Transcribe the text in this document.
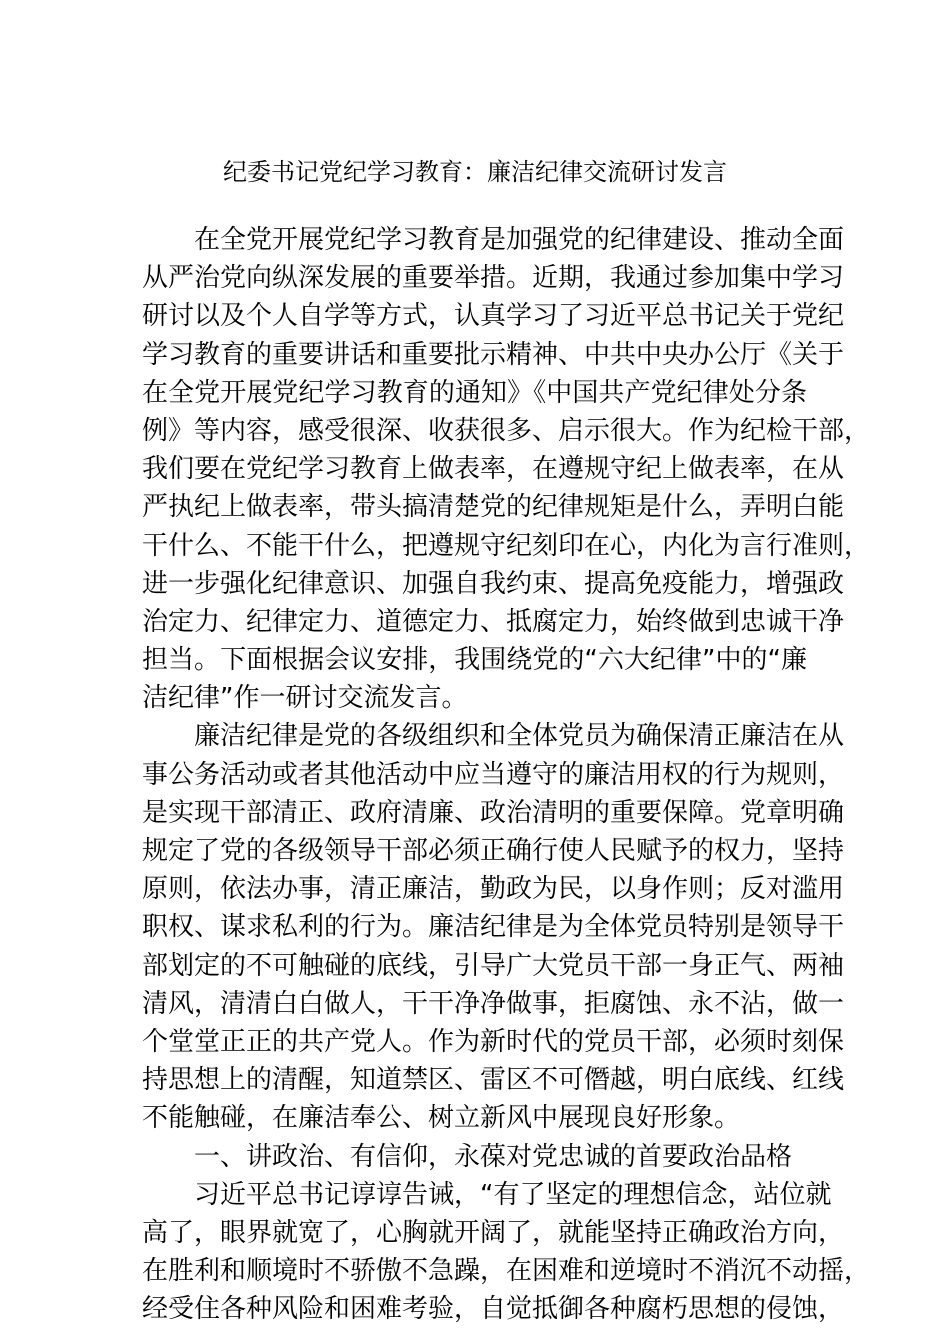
纪委书记党纪学习教育：廉洁纪律交流研讨发言
在全党开展党纪学习教育是加强党的纪律建设、推动全面
从严治党向纵深发展的重要举措。近期，我通过参加集中学习
研讨以及个人自学等方式，认真学习了习近平总书记关于党纪
学习教育的重要讲话和重要批示精神、中共中央办公厅《关于
在全党开展党纪学习教育的通知》《中国共产党纪律处分条
例》等内容，感受很深、收获很多、启示很大。作为纪检干部，
我们要在党纪学习教育上做表率，在遵规守纪上做表率，在从
严执纪上做表率，带头搞清楚党的纪律规矩是什么，弄明白能
干什么、不能干什么，把遵规守纪刻印在心，内化为言行准则，
进一步强化纪律意识、加强自我约束、提高免疫能力，增强政
治定力、纪律定力、道德定力、抵腐定力，始终做到忠诚干净
担当。下面根据会议安排，我围绕党的“六大纪律”中的“廉
洁纪律”作一研讨交流发言。
廉洁纪律是党的各级组织和全体党员为确保清正廉洁在从
事公务活动或者其他活动中应当遵守的廉洁用权的行为规则，
是实现干部清正、政府清廉、政治清明的重要保障。党章明确
规定了党的各级领导干部必须正确行使人民赋予的权力，坚持
原则，依法办事，清正廉洁，勤政为民，以身作则；反对滥用
职权、谋求私利的行为。廉洁纪律是为全体党员特别是领导干
部划定的不可触碰的底线，引导广大党员干部一身正气、两袖
清风，清清白白做人，干干净净做事，拒腐蚀、永不沾，做一
个堂堂正正的共产党人。作为新时代的党员干部，必须时刻保
持思想上的清醒，知道禁区、雷区不可僭越，明白底线、红线
不能触碰，在廉洁奉公、树立新风中展现良好形象。
一、讲政治、有信仰，永葆对党忠诚的首要政治品格
习近平总书记谆谆告诫，“有了坚定的理想信念，站位就
高了，眼界就宽了，心胸就开阔了，就能坚持正确政治方向，
在胜利和顺境时不骄傲不急躁，在困难和逆境时不消沉不动摇，
经受住各种风险和困难考验，自觉抵御各种腐朽思想的侵蚀，
